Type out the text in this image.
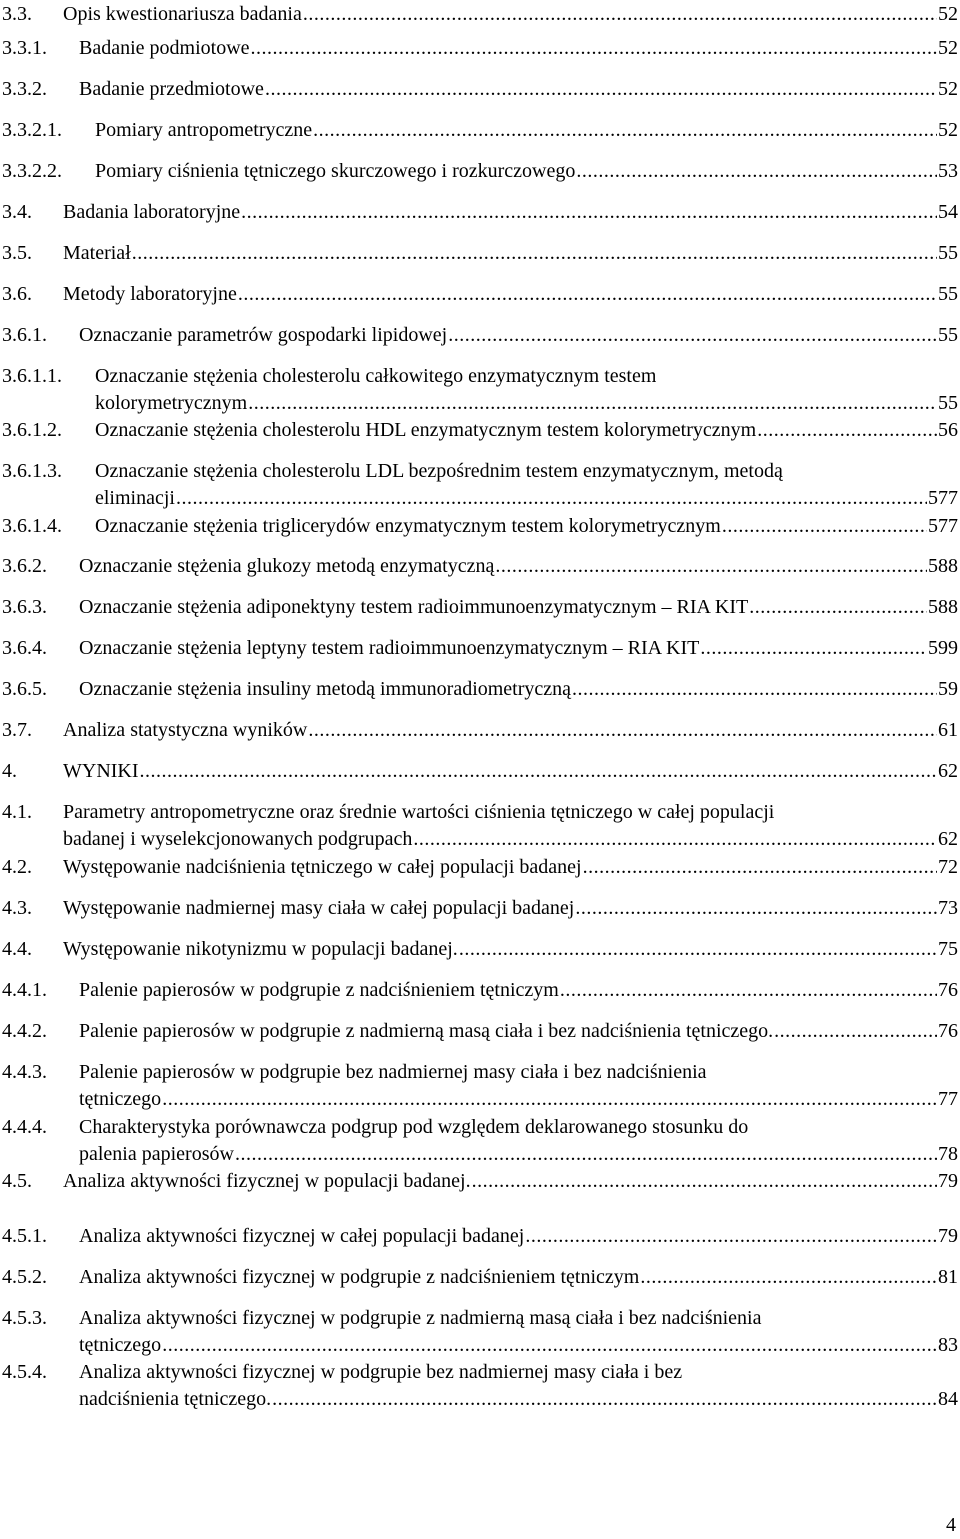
3.3. Opis kwestionariusza badania .....	52
3.3.1. Badanie podmiotowe .....	52
3.3.2. Badanie przedmiotowe .....	52
3.3.2.1. Pomiary antropometryczne .....	52
3.3.2.2. Pomiary ciśnienia tętniczego skurczowego i rozkurczowego .....	53
3.4. Badania laboratoryjne .....	54
3.5. Materiał .....	55
3.6. Metody laboratoryjne .....	55
3.6.1. Oznaczanie parametrów gospodarki lipidowej .....	55
3.6.1.1. Oznaczanie stężenia cholesterolu całkowitego enzymatycznym testem
kolorymetrycznym .....	55
3.6.1.2. Oznaczanie stężenia cholesterolu HDL enzymatycznym testem kolorymetrycznym .....	56
3.6.1.3. Oznaczanie stężenia cholesterolu LDL bezpośrednim testem enzymatycznym, metodą
eliminacji .....	577
3.6.1.4. Oznaczanie stężenia triglicerydów enzymatycznym testem kolorymetrycznym .....	577
3.6.2. Oznaczanie stężenia glukozy metodą enzymatyczną .....	588
3.6.3. Oznaczanie stężenia adiponektyny testem radioimmunoenzymatycznym – RIA KIT .....	588
3.6.4. Oznaczanie stężenia leptyny testem radioimmunoenzymatycznym – RIA KIT .....	599
3.6.5. Oznaczanie stężenia insuliny metodą immunoradiometryczną .....	59
3.7. Analiza statystyczna wyników .....	61
4. WYNIKI .....	62
4.1. Parametry antropometryczne oraz średnie wartości ciśnienia tętniczego w całej populacji
badanej i wyselekcjonowanych podgrupach .....	62
4.2. Występowanie nadciśnienia tętniczego w całej populacji badanej .....	72
4.3. Występowanie nadmiernej masy ciała w całej populacji badanej .....	73
4.4. Występowanie nikotynizmu w populacji badanej. .....	75
4.4.1. Palenie papierosów w podgrupie z nadciśnieniem tętniczym .....	76
4.4.2. Palenie papierosów w podgrupie z nadmierną masą ciała i bez nadciśnienia tętniczego. .....	76
4.4.3. Palenie papierosów w podgrupie bez nadmiernej masy ciała i bez nadciśnienia
tętniczego .....	77
4.4.4. Charakterystyka porównawcza podgrup pod względem deklarowanego stosunku do
palenia papierosów .....	78
4.5. Analiza aktywności fizycznej w populacji badanej. .....	79
4.5.1. Analiza aktywności fizycznej w całej populacji badanej .....	79
4.5.2. Analiza aktywności fizycznej w podgrupie z nadciśnieniem tętniczym .....	81
4.5.3. Analiza aktywności fizycznej w podgrupie z nadmierną masą ciała i bez nadciśnienia
tętniczego .....	83
4.5.4. Analiza aktywności fizycznej w podgrupie bez nadmiernej masy ciała i bez
nadciśnienia tętniczego. .....	84
4
